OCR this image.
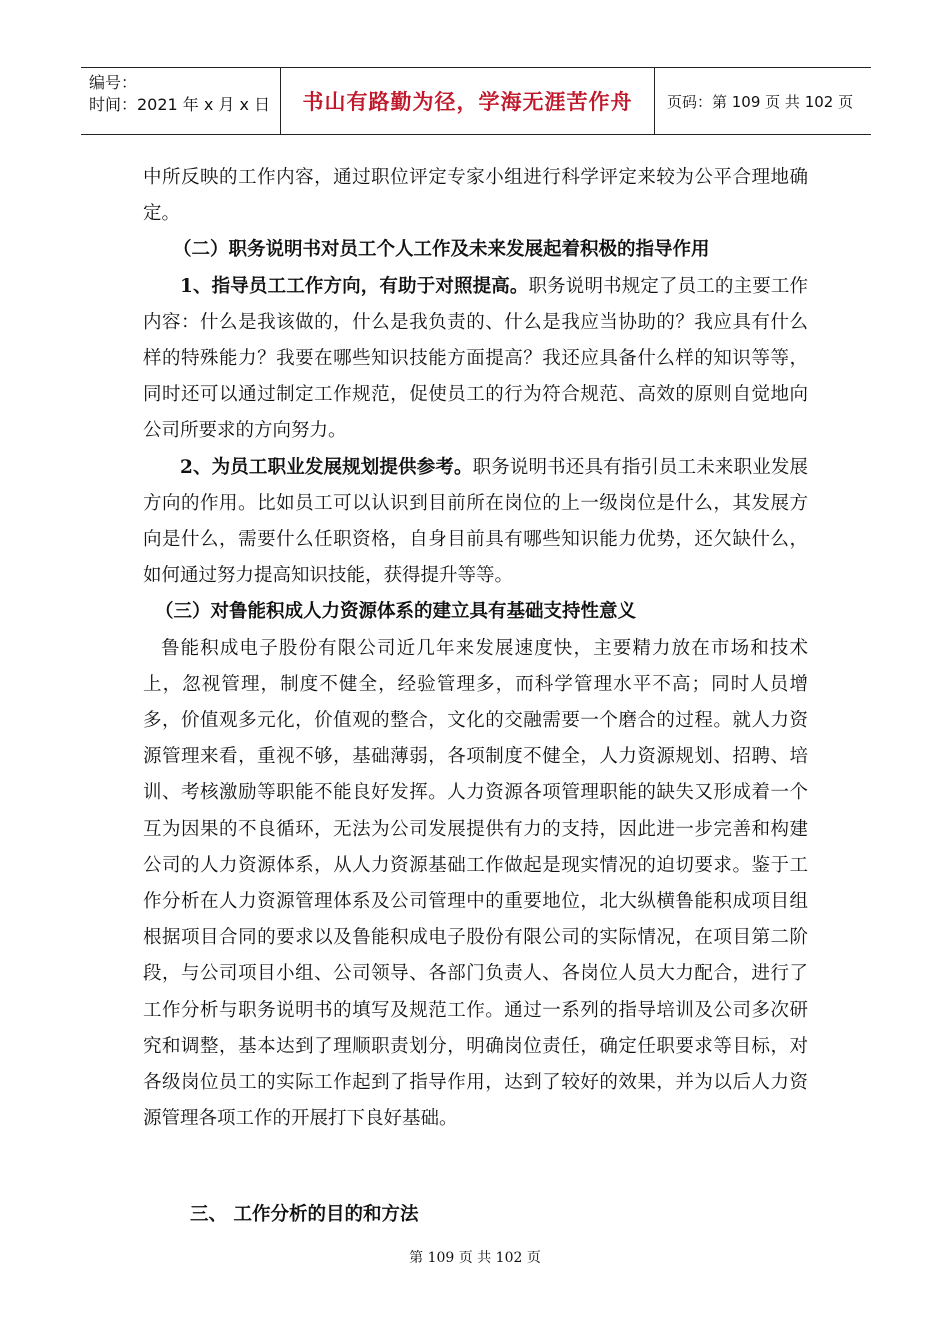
编号：
时间：2021 年 x 月 x 日	书山有路勤为径，学海无涯苦作舟 页码：第 109 页 共 102 页

中所反映的工作内容，通过职位评定专家小组进行科学评定来较为公平合理地确定。

（二）职务说明书对员工个人工作及未来发展起着积极的指导作用

1、指导员工工作方向，有助于对照提高。职务说明书规定了员工的主要工作内容：什么是我该做的，什么是我负责的、什么是我应当协助的？我应具有什么样的特殊能力？我要在哪些知识技能方面提高？我还应具备什么样的知识等等，同时还可以通过制定工作规范，促使员工的行为符合规范、高效的原则自觉地向公司所要求的方向努力。

2、为员工职业发展规划提供参考。职务说明书还具有指引员工未来职业发展方向的作用。比如员工可以认识到目前所在岗位的上一级岗位是什么，其发展方向是什么，需要什么任职资格，自身目前具有哪些知识能力优势，还欠缺什么，如何通过努力提高知识技能，获得提升等等。

（三）对鲁能积成人力资源体系的建立具有基础支持性意义

鲁能积成电子股份有限公司近几年来发展速度快，主要精力放在市场和技术上，忽视管理，制度不健全，经验管理多，而科学管理水平不高；同时人员增多，价值观多元化，价值观的整合，文化的交融需要一个磨合的过程。就人力资源管理来看，重视不够，基础薄弱，各项制度不健全，人力资源规划、招聘、培训、考核激励等职能不能良好发挥。人力资源各项管理职能的缺失又形成着一个互为因果的不良循环，无法为公司发展提供有力的支持，因此进一步完善和构建公司的人力资源体系，从人力资源基础工作做起是现实情况的迫切要求。鉴于工作分析在人力资源管理体系及公司管理中的重要地位，北大纵横鲁能积成项目组根据项目合同的要求以及鲁能积成电子股份有限公司的实际情况，在项目第二阶段，与公司项目小组、公司领导、各部门负责人、各岗位人员大力配合，进行了工作分析与职务说明书的填写及规范工作。通过一系列的指导培训及公司多次研究和调整，基本达到了理顺职责划分，明确岗位责任，确定任职要求等目标，对各级岗位员工的实际工作起到了指导作用，达到了较好的效果，并为以后人力资源管理各项工作的开展打下良好基础。

三、 工作分析的目的和方法
第 109 页 共 102 页
